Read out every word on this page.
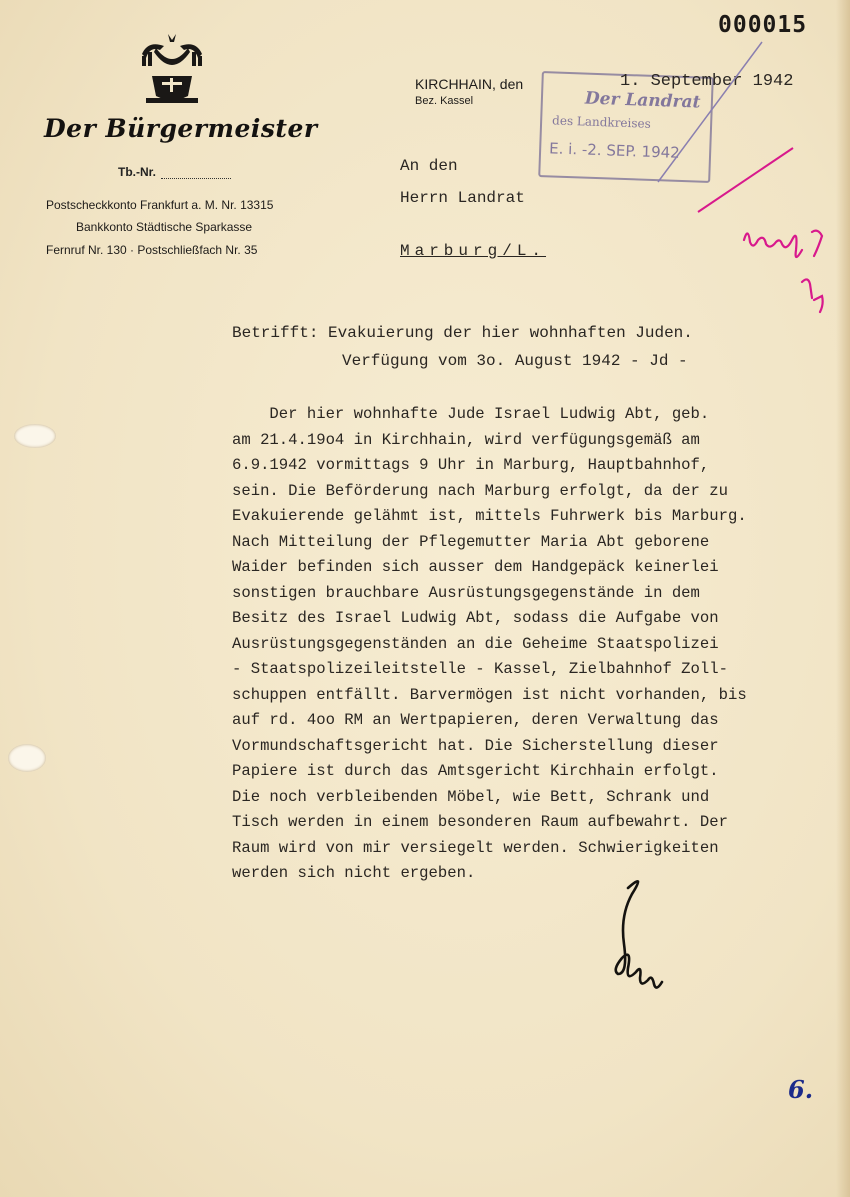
000015
Der Bürgermeister
Tb.-Nr.
Postscheckkonto Frankfurt a. M. Nr. 13315
Bankkonto Städtische Sparkasse
Fernruf Nr. 130 · Postschließfach Nr. 35
KIRCHHAIN, den
Bez. Kassel	Der Landrat
des Landkreises
E. i. -2. SEP. 1942
1. September 1942
An den
Herrn Landrat
Marburg/L.
Betrifft: Evakuierung der hier wohnhaften Juden.
Verfügung vom 3o. August 1942 - Jd -
Der hier wohnhafte Jude Israel Ludwig Abt, geb.
am 21.4.19o4 in Kirchhain, wird verfügungsgemäß am
6.9.1942 vormittags 9 Uhr in Marburg, Hauptbahnhof,
sein. Die Beförderung nach Marburg erfolgt, da der zu
Evakuierende gelähmt ist, mittels Fuhrwerk bis Marburg.
Nach Mitteilung der Pflegemutter Maria Abt geborene
Waider befinden sich ausser dem Handgepäck keinerlei
sonstigen brauchbare Ausrüstungsgegenstände in dem
Besitz des Israel Ludwig Abt, sodass die Aufgabe von
Ausrüstungsgegenständen an die Geheime Staatspolizei
- Staatspolizeileitstelle - Kassel, Zielbahnhof Zoll-
schuppen entfällt. Barvermögen ist nicht vorhanden, bis
auf rd. 4oo RM an Wertpapieren, deren Verwaltung das
Vormundschaftsgericht hat. Die Sicherstellung dieser
Papiere ist durch das Amtsgericht Kirchhain erfolgt.
Die noch verbleibenden Möbel, wie Bett, Schrank und
Tisch werden in einem besonderen Raum aufbewahrt. Der
Raum wird von mir versiegelt werden. Schwierigkeiten
werden sich nicht ergeben.
6.
